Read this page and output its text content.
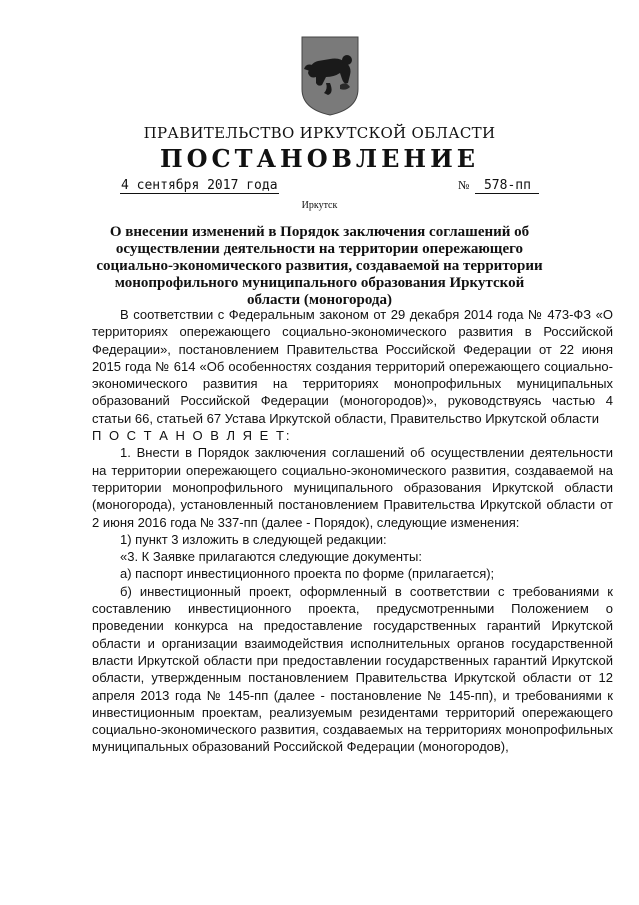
ПРАВИТЕЛЬСТВО ИРКУТСКОЙ ОБЛАСТИ
ПОСТАНОВЛЕНИЕ
4 сентября 2017 года	№ 578-пп
Иркутск
О внесении изменений в Порядок заключения соглашений об осуществлении деятельности на территории опережающего социально-экономического развития, создаваемой на территории монопрофильного муниципального образования Иркутской области (моногорода)

В соответствии с Федеральным законом от 29 декабря 2014 года № 473-ФЗ «О территориях опережающего социально-экономического развития в Российской Федерации», постановлением Правительства Российской Федерации от 22 июня 2015 года № 614 «Об особенностях создания территорий опережающего социально-экономического развития на территориях монопрофильных муниципальных образований Российской Федерации (моногородов)», руководствуясь частью 4 статьи 66, статьей 67 Устава Иркутской области, Правительство Иркутской области

П О С Т А Н О В Л Я Е Т:

1. Внести в Порядок заключения соглашений об осуществлении деятельности на территории опережающего социально-экономического развития, создаваемой на территории монопрофильного муниципального образования Иркутской области (моногорода), установленный постановлением Правительства Иркутской области от 2 июня 2016 года № 337-пп (далее - Порядок), следующие изменения:

1) пункт 3 изложить в следующей редакции:

«3. К Заявке прилагаются следующие документы:

а) паспорт инвестиционного проекта по форме (прилагается);

б) инвестиционный проект, оформленный в соответствии с требованиями к составлению инвестиционного проекта, предусмотренными Положением о проведении конкурса на предоставление государственных гарантий Иркутской области и организации взаимодействия исполнительных органов государственной власти Иркутской области при предоставлении государственных гарантий Иркутской области, утвержденным постановлением Правительства Иркутской области от 12 апреля 2013 года № 145-пп (далее - постановление № 145-пп), и требованиями к инвестиционным проектам, реализуемым резидентами территорий опережающего социально-экономического развития, создаваемых на территориях монопрофильных муниципальных образований Российской Федерации (моногородов),
